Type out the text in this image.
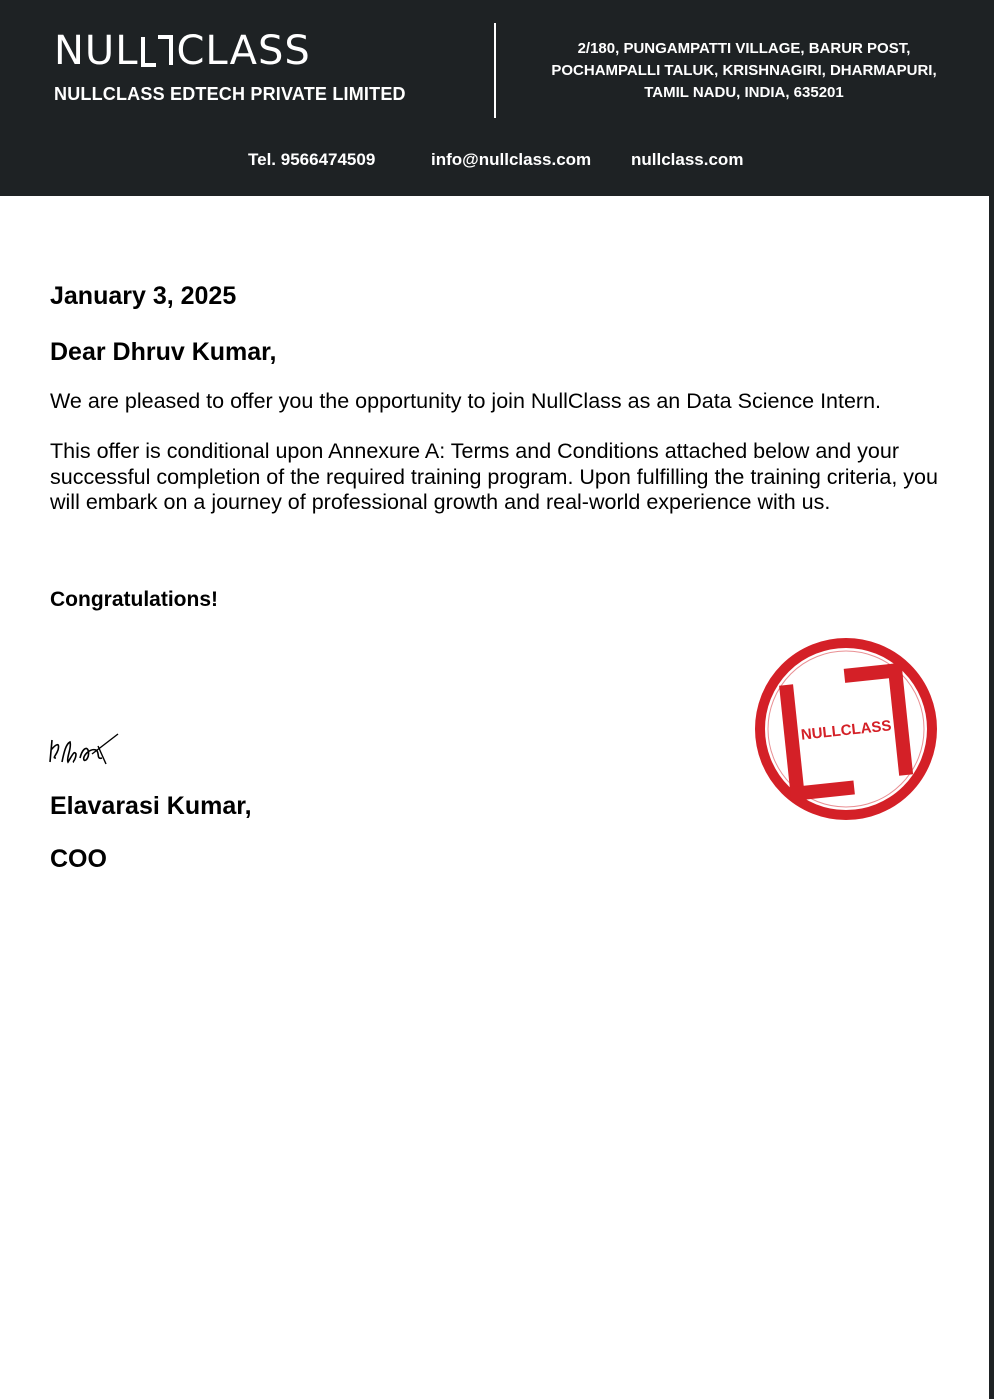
NUL CLASS
NULLCLASS EDTECH PRIVATE LIMITED
2/180, PUNGAMPATTI VILLAGE, BARUR POST,
POCHAMPALLI TALUK, KRISHNAGIRI, DHARMAPURI,
TAMIL NADU, INDIA, 635201
Tel. 9566474509	info@nullclass.com nullclass.com
January 3, 2025
Dear Dhruv Kumar,

We are pleased to offer you the opportunity to join NullClass as an Data Science Intern.

This offer is conditional upon Annexure A: Terms and Conditions attached below and your successful completion of the required training program. Upon fulfilling the training criteria, you will embark on a journey of professional growth and real-world experience with us.

Congratulations!
Elavarasi Kumar,
COO
NULLCLASS
